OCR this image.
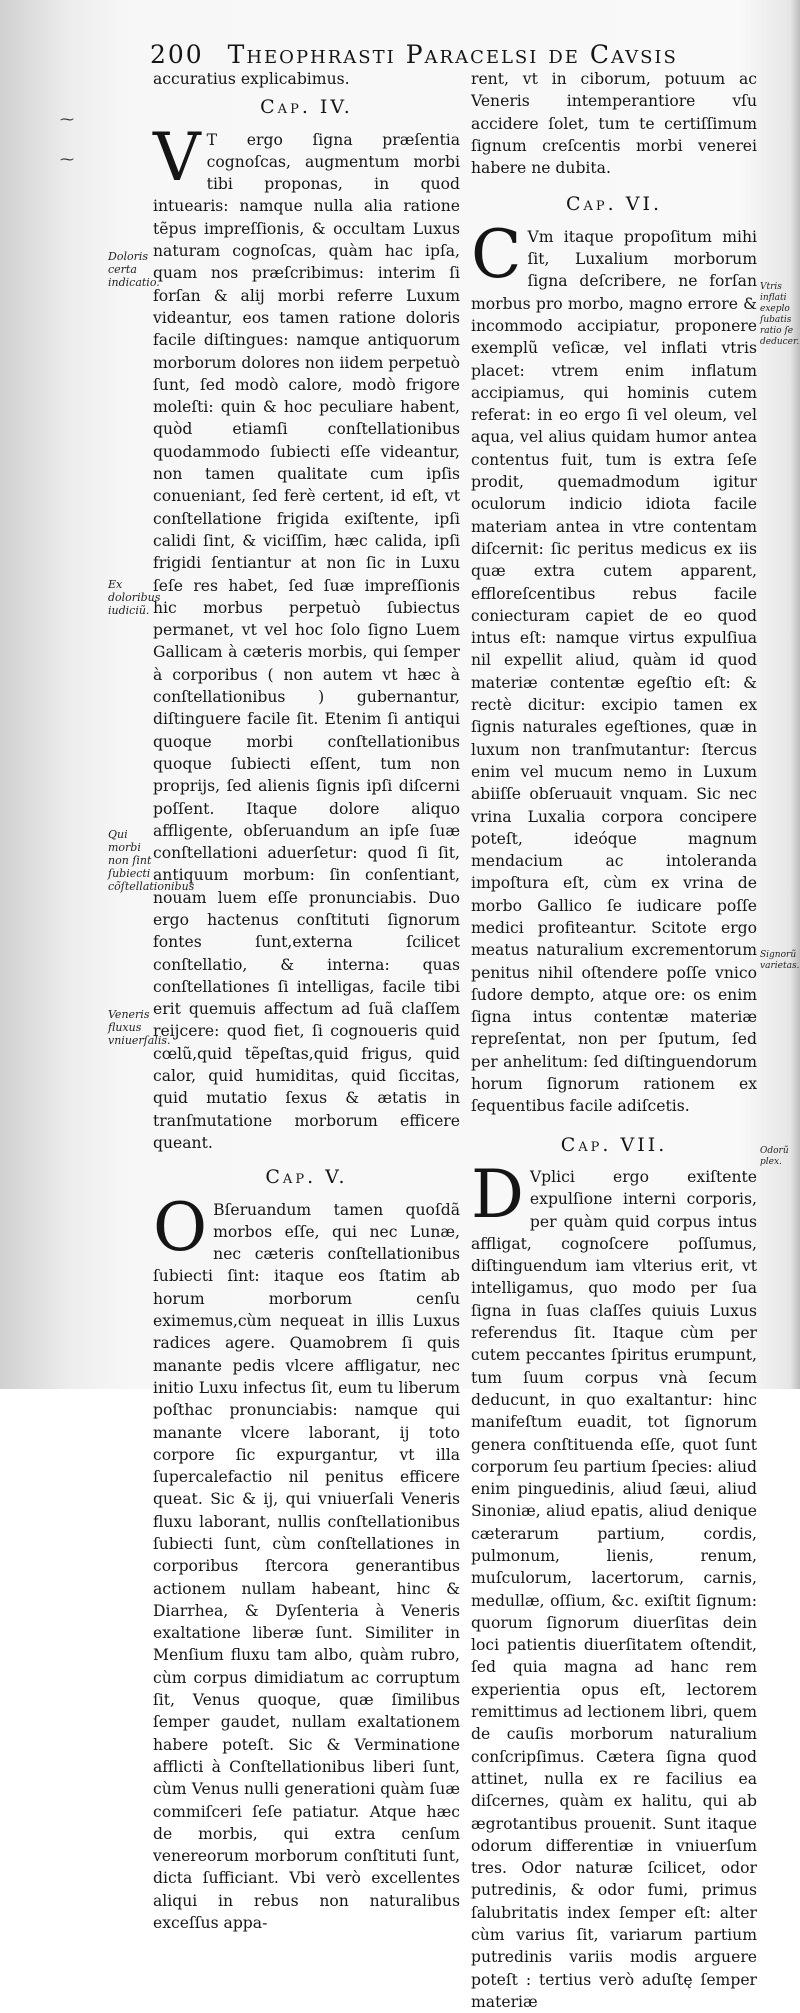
⁓
⁓
200 Theophrasti Paracelsi de Cavsis

accuratius explicabimus.

Cap. IV.

V T ergo ſigna præſentia cognoſcas, augmentum morbi tibi proponas, in quod intuearis: namque nulla alia ratione tẽpus impreſſionis, & occultam Luxus naturam cognoſcas, quàm hac ipſa, quam nos præſcribimus: interim ſi forſan & alij morbi referre Luxum videantur, eos tamen ratione doloris facile diſtingues: namque antiquorum morborum dolores non iidem perpetuò ſunt, ſed modò calore, modò frigore moleſti: quin & hoc peculiare habent, quòd etiamſi conſtellationibus quodammodo ſubiecti eſſe videantur, non tamen qualitate cum ipſis conueniant, ſed ferè certent, id eſt, vt conſtellatione frigida exiſtente, ipſi calidi ſint, & viciſſim, hæc calida, ipſi frigidi ſentiantur at non ſic in Luxu ſeſe res habet, ſed ſuæ impreſſionis hic morbus perpetuò ſubiectus permanet, vt vel hoc ſolo ſigno Luem Gallicam à cæteris morbis, qui ſemper à corporibus ( non autem vt hæc à conſtellationibus ) gubernantur, diſtinguere facile ſit. Etenim ſi antiqui quoque morbi conſtellationibus quoque ſubiecti eſſent, tum non proprijs, ſed alienis ſignis ipſi diſcerni poſſent. Itaque dolore aliquo affligente, obſeruandum an ipſe ſuæ conſtellationi aduerſetur: quod ſi ſit, antiquum morbum: ſin conſentiant, nouam luem eſſe pronunciabis. Duo ergo hactenus conſtituti ſignorum fontes ſunt,externa ſcilicet conſtellatio, & interna: quas conſtellationes ſi intelligas, facile tibi erit quemuis affectum ad ſuã claſſem reijcere: quod fiet, ſi cognoueris quid cœlũ,quid tẽpeſtas,quid frigus, quid calor, quid humiditas, quid ſiccitas, quid mutatio ſexus & ætatis in tranſmutatione morborum efficere queant.

Cap. V.

O Bſeruandum tamen quoſdã morbos eſſe, qui nec Lunæ, nec cæteris conſtellationibus ſubiecti ſint: itaque eos ſtatim ab horum morborum cenſu eximemus,cùm nequeat in illis Luxus radices agere. Quamobrem ſi quis manante pedis vlcere affligatur, nec initio Luxu infectus ſit, eum tu liberum poſthac pronunciabis: namque qui manante vlcere laborant, ij toto corpore ſic expurgantur, vt illa ſupercalefactio nil penitus efficere queat. Sic & ij, qui vniuerſali Veneris fluxu laborant, nullis conſtellationibus ſubiecti ſunt, cùm conſtellationes in corporibus ſtercora generantibus actionem nullam habeant, hinc & Diarrhea, & Dyſenteria à Veneris exaltatione liberæ ſunt. Similiter in Menſium fluxu tam albo, quàm rubro, cùm corpus dimidiatum ac corruptum ſit, Venus quoque, quæ ſimilibus ſemper gaudet, nullam exaltationem habere poteſt. Sic & Verminatione afflicti à Conſtellationibus liberi ſunt, cùm Venus nulli generationi quàm ſuæ commiſceri ſeſe patiatur. Atque hæc de morbis, qui extra cenſum venereorum morborum conſtituti ſunt, dicta ſufficiant. Vbi verò excellentes aliqui in rebus non naturalibus exceſſus appa-

rent, vt in ciborum, potuum ac Veneris intemperantiore vſu accidere ſolet, tum te certiſſimum ſignum creſcentis morbi venerei habere ne dubita.

Cap. VI.

C Vm itaque propoſitum mihi ſit, Luxalium morborum ſigna deſcribere, ne forſan morbus pro morbo, magno errore & incommodo accipiatur, proponere exemplũ veſicæ, vel inflati vtris placet: vtrem enim inflatum accipiamus, qui hominis cutem referat: in eo ergo ſi vel oleum, vel aqua, vel alius quidam humor antea contentus fuit, tum is extra ſeſe prodit, quemadmodum igitur oculorum indicio idiota facile materiam antea in vtre contentam diſcernit: ſic peritus medicus ex iis quæ extra cutem apparent, effloreſcentibus rebus facile coniecturam capiet de eo quod intus eſt: namque virtus expulſiua nil expellit aliud, quàm id quod materiæ contentæ egeſtio eſt: & rectè dicitur: excipio tamen ex ſignis naturales egeſtiones, quæ in luxum non tranſmutantur: ſtercus enim vel mucum nemo in Luxum abiiſſe obſeruauit vnquam. Sic nec vrina Luxalia corpora concipere poteſt, ideóque magnum mendacium ac intoleranda impoſtura eſt, cùm ex vrina de morbo Gallico ſe iudicare poſſe medici profiteantur. Scitote ergo meatus naturalium excrementorum penitus nihil oſtendere poſſe vnico ſudore dempto, atque ore: os enim ſigna intus contentæ materiæ repreſentat, non per ſputum, ſed per anhelitum: ſed diſtinguendorum horum ſignorum rationem ex ſequentibus facile adiſcetis.

Cap. VII.

D Vplici ergo exiſtente expulſione interni corporis, per quàm quid corpus intus affligat, cognoſcere poſſumus, diſtinguendum iam vlterius erit, vt intelligamus, quo modo per ſua ſigna in ſuas claſſes quiuis Luxus referendus ſit. Itaque cùm per cutem peccantes ſpiritus erumpunt, tum ſuum corpus vnà ſecum deducunt, in quo exaltantur: hinc manifeſtum euadit, tot ſignorum genera conſtituenda eſſe, quot ſunt corporum ſeu partium ſpecies: aliud enim pinguedinis, aliud ſæui, aliud Sinoniæ, aliud epatis, aliud denique cæterarum partium, cordis, pulmonum, lienis, renum, muſculorum, lacertorum, carnis, medullæ, oſſium, &c. exiſtit ſignum: quorum ſignorum diuerſitas dein loci patientis diuerſitatem oſtendit, ſed quia magna ad hanc rem experientia opus eſt, lectorem remittimus ad lectionem libri, quem de cauſis morborum naturalium conſcripſimus. Cætera ſigna quod attinet, nulla ex re facilius ea diſcernes, quàm ex halitu, qui ab ægrotantibus prouenit. Sunt itaque odorum differentiæ in vniuerſum tres. Odor naturæ ſcilicet, odor putredinis, & odor fumi, primus ſalubritatis index ſemper eſt: alter cùm varius ſit, variarum partium putredinis variis modis arguere poteſt : tertius verò aduſtę ſemper materiæ

Doloris certa indicatio.
Ex doloribus iudiciũ.
Qui morbi non ſint ſubiecti cõſtellationibus
Veneris fluxus vniuerſalis.
Vtris inflati exeplo ſubatis ratio ſe deducer.
Signorũ varietas.
Odorũ plex.
